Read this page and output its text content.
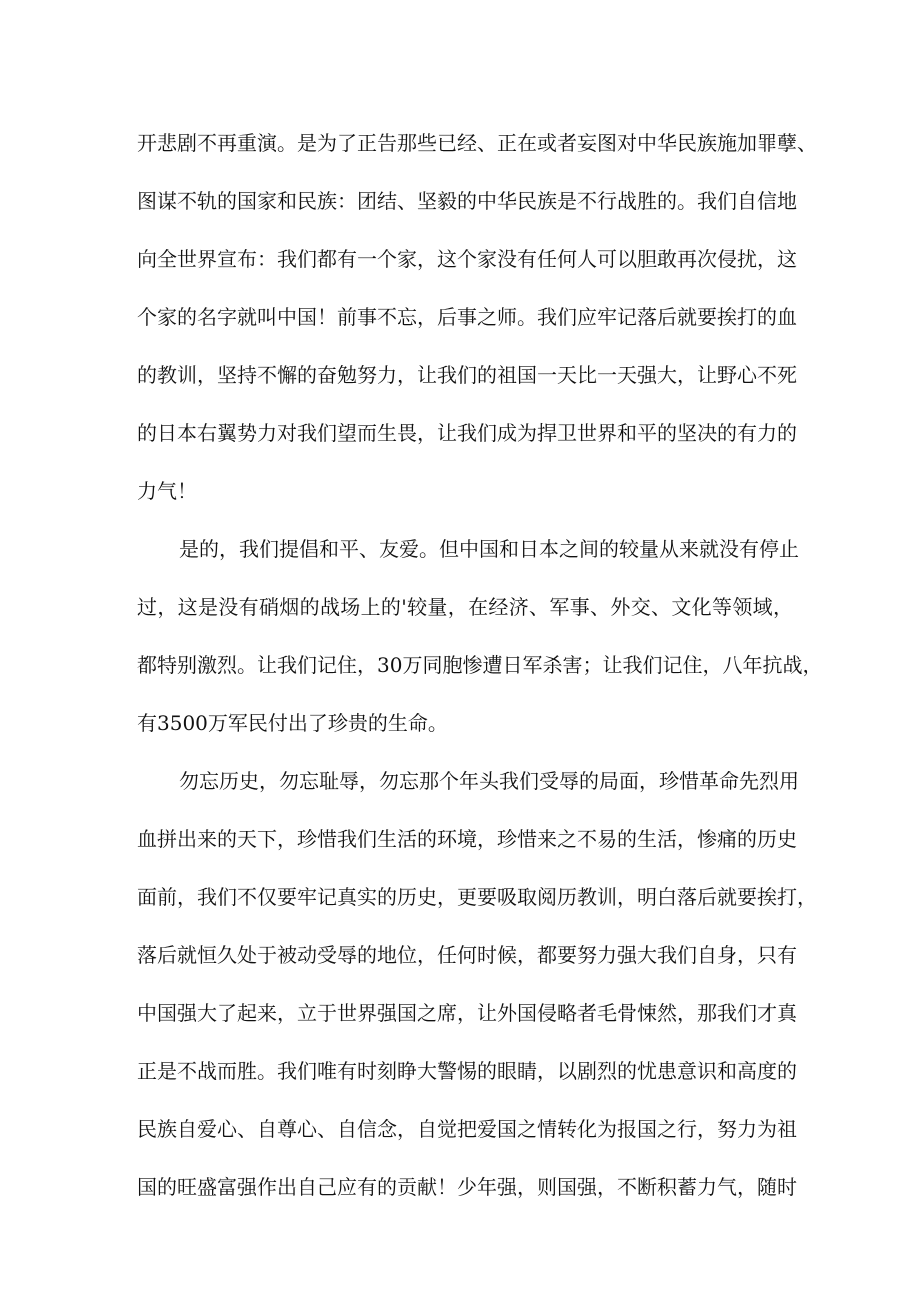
开悲剧不再重演。是为了正告那些已经、正在或者妄图对中华民族施加罪孽、
图谋不轨的国家和民族：团结、坚毅的中华民族是不行战胜的。我们自信地
向全世界宣布：我们都有一个家，这个家没有任何人可以胆敢再次侵扰，这
个家的名字就叫中国！前事不忘，后事之师。我们应牢记落后就要挨打的血
的教训，坚持不懈的奋勉努力，让我们的祖国一天比一天强大，让野心不死
的日本右翼势力对我们望而生畏，让我们成为捍卫世界和平的坚决的有力的
力气！
是的，我们提倡和平、友爱。但中国和日本之间的较量从来就没有停止
过，这是没有硝烟的战场上的'较量，在经济、军事、外交、文化等领域，
都特别激烈。让我们记住，30万同胞惨遭日军杀害；让我们记住，八年抗战，
有3500万军民付出了珍贵的生命。
勿忘历史，勿忘耻辱，勿忘那个年头我们受辱的局面，珍惜革命先烈用
血拼出来的天下，珍惜我们生活的环境，珍惜来之不易的生活，惨痛的历史
面前，我们不仅要牢记真实的历史，更要吸取阅历教训，明白落后就要挨打，
落后就恒久处于被动受辱的地位，任何时候，都要努力强大我们自身，只有
中国强大了起来，立于世界强国之席，让外国侵略者毛骨悚然，那我们才真
正是不战而胜。我们唯有时刻睁大警惕的眼睛，以剧烈的忧患意识和高度的
民族自爱心、自尊心、自信念，自觉把爱国之情转化为报国之行，努力为祖
国的旺盛富强作出自己应有的贡献！少年强，则国强，不断积蓄力气，随时
